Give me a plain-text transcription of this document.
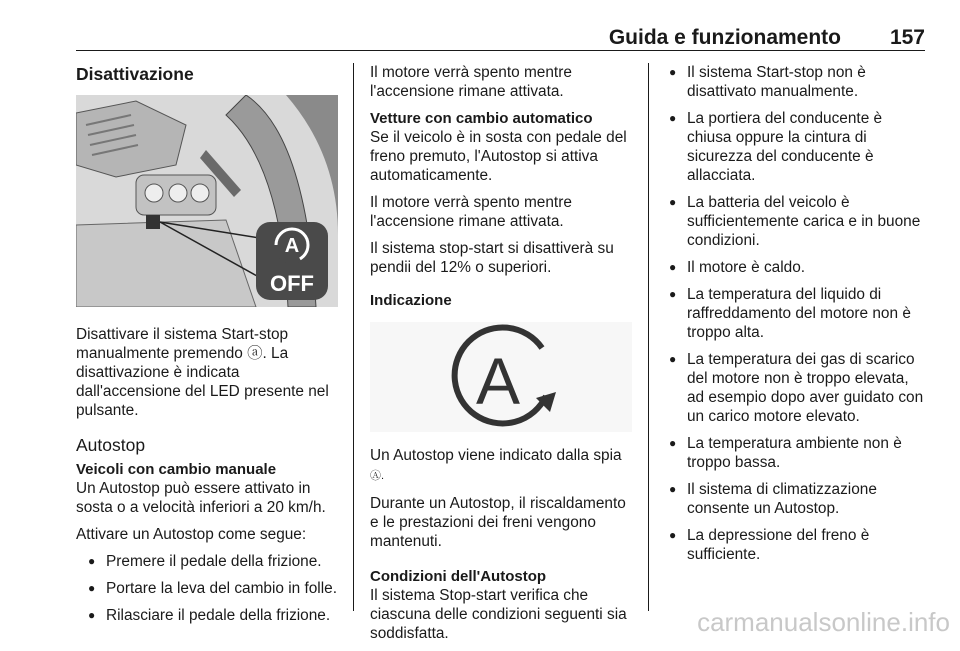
Guida e funzionamento 157
Disattivazione
A
OFF

Disattivare il sistema Start-stop manualmente premendo ⓐ. La disattivazione è indicata dall'accensione del LED presente nel pulsante.

Autostop
Veicoli con cambio manuale

Un Autostop può essere attivato in sosta o a velocità inferiori a 20 km/h.

Attivare un Autostop come segue:

● Premere il pedale della frizione.
● Portare la leva del cambio in folle.
● Rilasciare il pedale della frizione.

Il motore verrà spento mentre l'accensione rimane attivata.

Vetture con cambio automatico

Se il veicolo è in sosta con pedale del freno premuto, l'Autostop si attiva automaticamente.

Il motore verrà spento mentre l'accensione rimane attivata.

Il sistema stop-start si disattiverà su pendii del 12% o superiori.

Indicazione
A

Un Autostop viene indicato dalla spia
Ⓐ.

Durante un Autostop, il riscaldamento e le prestazioni dei freni vengono mantenuti.

Condizioni dell'Autostop

Il sistema Stop-start verifica che ciascuna delle condizioni seguenti sia soddisfatta.

● Il sistema Start-stop non è disattivato manualmente.
● La portiera del conducente è chiusa oppure la cintura di sicurezza del conducente è allacciata.
● La batteria del veicolo è sufficientemente carica e in buone condizioni.
● Il motore è caldo.
● La temperatura del liquido di raffreddamento del motore non è troppo alta.
● La temperatura dei gas di scarico del motore non è troppo elevata, ad esempio dopo aver guidato con un carico motore elevato.
● La temperatura ambiente non è troppo bassa.
● Il sistema di climatizzazione consente un Autostop.
● La depressione del freno è sufficiente.
carmanualsonline.info
